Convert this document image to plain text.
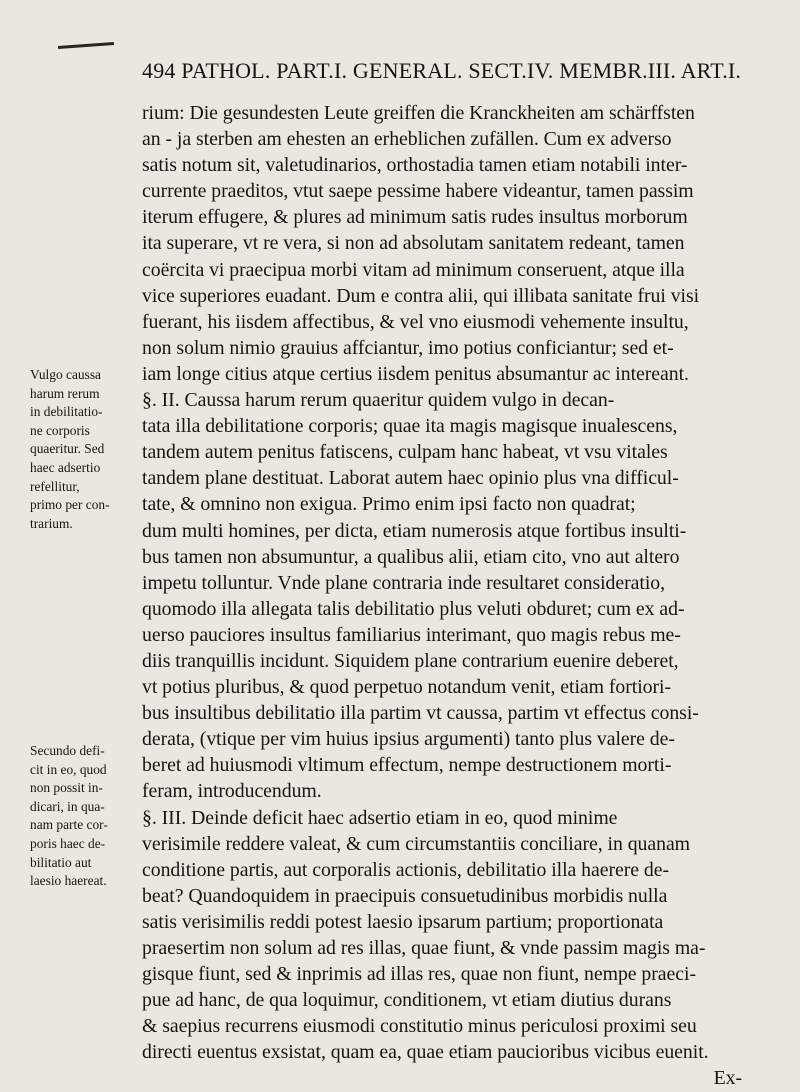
494 PATHOL. PART.I. GENERAL. SECT.IV. MEMBR.III. ART.I.
rium: Die gesundesten Leute greiffen die Kranckheiten am schärffsten
an - ja sterben am ehesten an erheblichen zufällen. Cum ex adverso
satis notum sit, valetudinarios, orthostadia tamen etiam notabili inter-
currente praeditos, vtut saepe pessime habere videantur, tamen passim
iterum effugere, & plures ad minimum satis rudes insultus morborum
ita superare, vt re vera, si non ad absolutam sanitatem redeant, tamen
coërcita vi praecipua morbi vitam ad minimum conseruent, atque illa
vice superiores euadant. Dum e contra alii, qui illibata sanitate frui visi
fuerant, his iisdem affectibus, & vel vno eiusmodi vehemente insultu,
non solum nimio grauius affciantur, imo potius conficiantur; sed et-
iam longe citius atque certius iisdem penitus absumantur ac intereant.
§. II. Caussa harum rerum quaeritur quidem vulgo in decan-
tata illa debilitatione corporis; quae ita magis magisque inualescens,
tandem autem penitus fatiscens, culpam hanc habeat, vt vsu vitales
tandem plane destituat. Laborat autem haec opinio plus vna difficul-
tate, & omnino non exigua. Primo enim ipsi facto non quadrat;
dum multi homines, per dicta, etiam numerosis atque fortibus insulti-
bus tamen non absumuntur, a qualibus alii, etiam cito, vno aut altero
impetu tolluntur. Vnde plane contraria inde resultaret consideratio,
quomodo illa allegata talis debilitatio plus veluti obduret; cum ex ad-
uerso pauciores insultus familiarius interimant, quo magis rebus me-
diis tranquillis incidunt. Siquidem plane contrarium euenire deberet,
vt potius pluribus, & quod perpetuo notandum venit, etiam fortiori-
bus insultibus debilitatio illa partim vt caussa, partim vt effectus consi-
derata, (vtique per vim huius ipsius argumenti) tanto plus valere de-
beret ad huiusmodi vltimum effectum, nempe destructionem morti-
feram, introducendum.
§. III. Deinde deficit haec adsertio etiam in eo, quod minime
verisimile reddere valeat, & cum circumstantiis conciliare, in quanam
conditione partis, aut corporalis actionis, debilitatio illa haerere de-
beat? Quandoquidem in praecipuis consuetudinibus morbidis nulla
satis verisimilis reddi potest laesio ipsarum partium; proportionata
praesertim non solum ad res illas, quae fiunt, & vnde passim magis ma-
gisque fiunt, sed & inprimis ad illas res, quae non fiunt, nempe praeci-
pue ad hanc, de qua loquimur, conditionem, vt etiam diutius durans
& saepius recurrens eiusmodi constitutio minus periculosi proximi seu
directi euentus exsistat, quam ea, quae etiam paucioribus vicibus euenit.
Ex-
Vulgo caussa
harum rerum
in debilitatio-
ne corporis
quaeritur. Sed
haec adsertio
refellitur,
primo per con-
trarium.
Secundo defi-
cit in eo, quod
non possit in-
dicari, in qua-
nam parte cor-
poris haec de-
bilitatio aut
laesio haereat.
